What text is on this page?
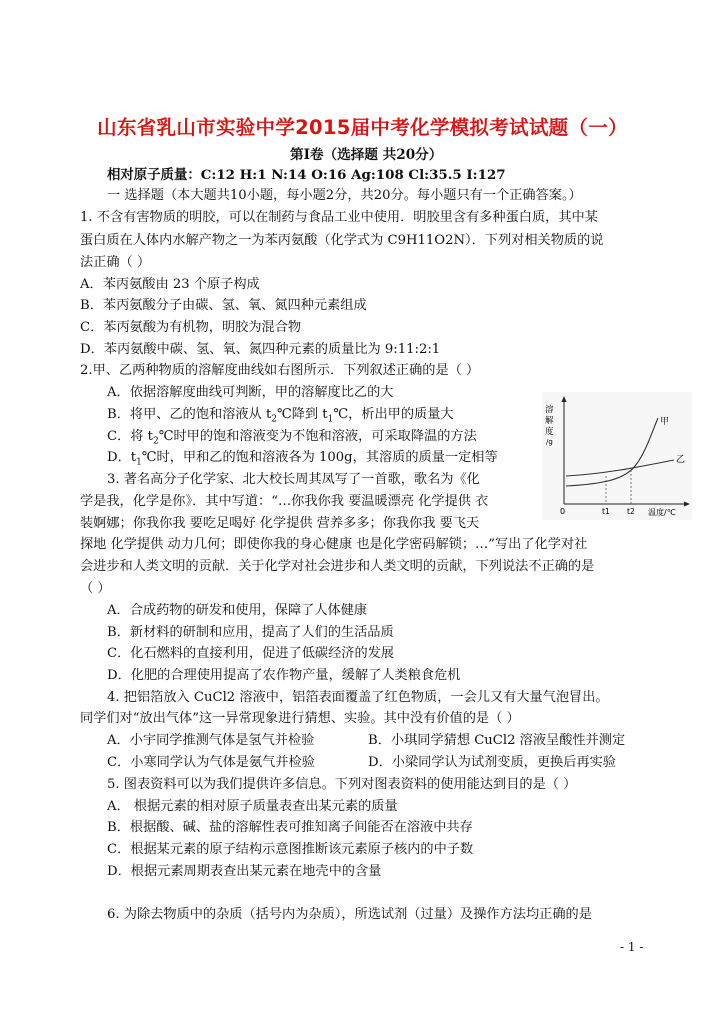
山东省乳山市实验中学2015届中考化学模拟考试试题（一）
第Ⅰ卷（选择题 共20分）
相对原子质量：C:12 H:1 N:14 O:16 Ag:108 Cl:35.5 I:127
一 选择题（本大题共10小题，每小题2分，共20分。每小题只有一个正确答案。）
1. 不含有害物质的明胶，可以在制药与食品工业中使用．明胶里含有多种蛋白质，其中某
蛋白质在人体内水解产物之一为苯丙氨酸（化学式为 C9H11O2N）．下列对相关物质的说
法正确（ ）
A．苯丙氨酸由 23 个原子构成
B．苯丙氨酸分子由碳、氢、氧、氮四种元素组成
C．苯丙氨酸为有机物，明胶为混合物
D．苯丙氨酸中碳、氢、氧、氮四种元素的质量比为 9:11:2:1
2.甲、乙两种物质的溶解度曲线如右图所示．下列叙述正确的是（ ）
A．依据溶解度曲线可判断，甲的溶解度比乙的大
B．将甲、乙的饱和溶液从 $t_2℃$降到 $t_1℃$，析出甲的质量大
C．将 $t_2℃$时甲的饱和溶液变为不饱和溶液，可采取降温的方法
D．$t_1℃$时，甲和乙的饱和溶液各为 100g，其溶质的质量一定相等
溶
解
度
/g
甲
乙
0	t1 t2 温度/℃
3. 著名高分子化学家、北大校长周其凤写了一首歌，歌名为《化
学是我，化学是你》．其中写道：“…你我你我 要温暖漂亮 化学提供 衣
装婀娜；你我你我 要吃足喝好 化学提供 营养多多；你我你我 要飞天
探地 化学提供 动力几何；即使你我的身心健康 也是化学密码解锁；…”写出了化学对社
会进步和人类文明的贡献．关于化学对社会进步和人类文明的贡献，下列说法不正确的是
（ ）
A．合成药物的研发和使用，保障了人体健康
B．新材料的研制和应用，提高了人们的生活品质
C．化石燃料的直接利用，促进了低碳经济的发展
D．化肥的合理使用提高了农作物产量，缓解了人类粮食危机
4. 把铝箔放入 CuCl2 溶液中，铝箔表面覆盖了红色物质，一会儿又有大量气泡冒出。
同学们对“放出气体”这一异常现象进行猜想、实验。其中没有价值的是（ ）
A．小宇同学推测气体是氢气并检验	B．小琪同学猜想 CuCl2 溶液呈酸性并测定
C．小寒同学认为气体是氨气并检验	D．小梁同学认为试剂变质，更换后再实验
5. 图表资料可以为我们提供许多信息。下列对图表资料的使用能达到目的是（ ）
A． 根据元素的相对原子质量表查出某元素的质量
B．根据酸、碱、盐的溶解性表可推知离子间能否在溶液中共存
C．根据某元素的原子结构示意图推断该元素原子核内的中子数
D．根据元素周期表查出某元素在地壳中的含量
6. 为除去物质中的杂质（括号内为杂质），所选试剂（过量）及操作方法均正确的是
- 1 -
